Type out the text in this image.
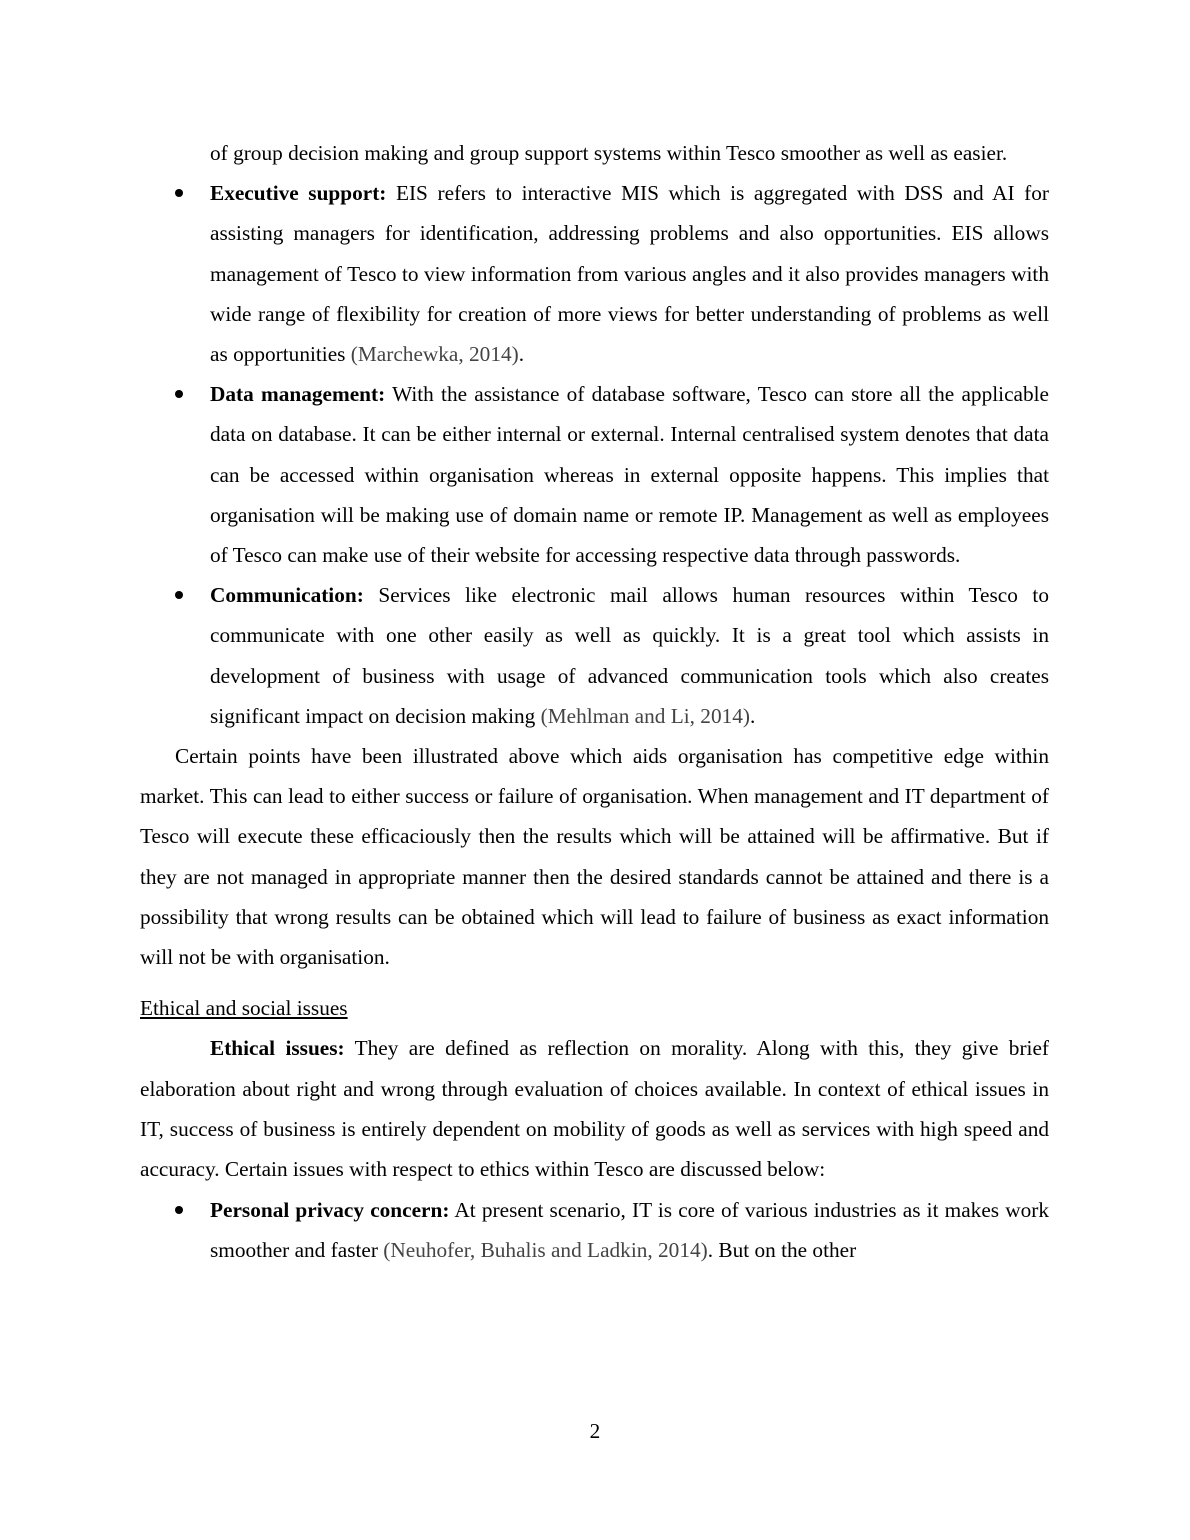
of group decision making and group support systems within Tesco smoother as well as easier.

Executive support: EIS refers to interactive MIS which is aggregated with DSS and AI for assisting managers for identification, addressing problems and also opportunities. EIS allows management of Tesco to view information from various angles and it also provides managers with wide range of flexibility for creation of more views for better understanding of problems as well as opportunities (Marchewka, 2014).
Data management: With the assistance of database software, Tesco can store all the applicable data on database. It can be either internal or external. Internal centralised system denotes that data can be accessed within organisation whereas in external opposite happens. This implies that organisation will be making use of domain name or remote IP. Management as well as employees of Tesco can make use of their website for accessing respective data through passwords.
Communication: Services like electronic mail allows human resources within Tesco to communicate with one other easily as well as quickly. It is a great tool which assists in development of business with usage of advanced communication tools which also creates significant impact on decision making (Mehlman and Li, 2014).

Certain points have been illustrated above which aids organisation has competitive edge within market. This can lead to either success or failure of organisation. When management and IT department of Tesco will execute these efficaciously then the results which will be attained will be affirmative. But if they are not managed in appropriate manner then the desired standards cannot be attained and there is a possibility that wrong results can be obtained which will lead to failure of business as exact information will not be with organisation.

Ethical and social issues

Ethical issues: They are defined as reflection on morality. Along with this, they give brief elaboration about right and wrong through evaluation of choices available. In context of ethical issues in IT, success of business is entirely dependent on mobility of goods as well as services with high speed and accuracy. Certain issues with respect to ethics within Tesco are discussed below:

Personal privacy concern: At present scenario, IT is core of various industries as it makes work smoother and faster (Neuhofer, Buhalis and Ladkin, 2014). But on the other
2
